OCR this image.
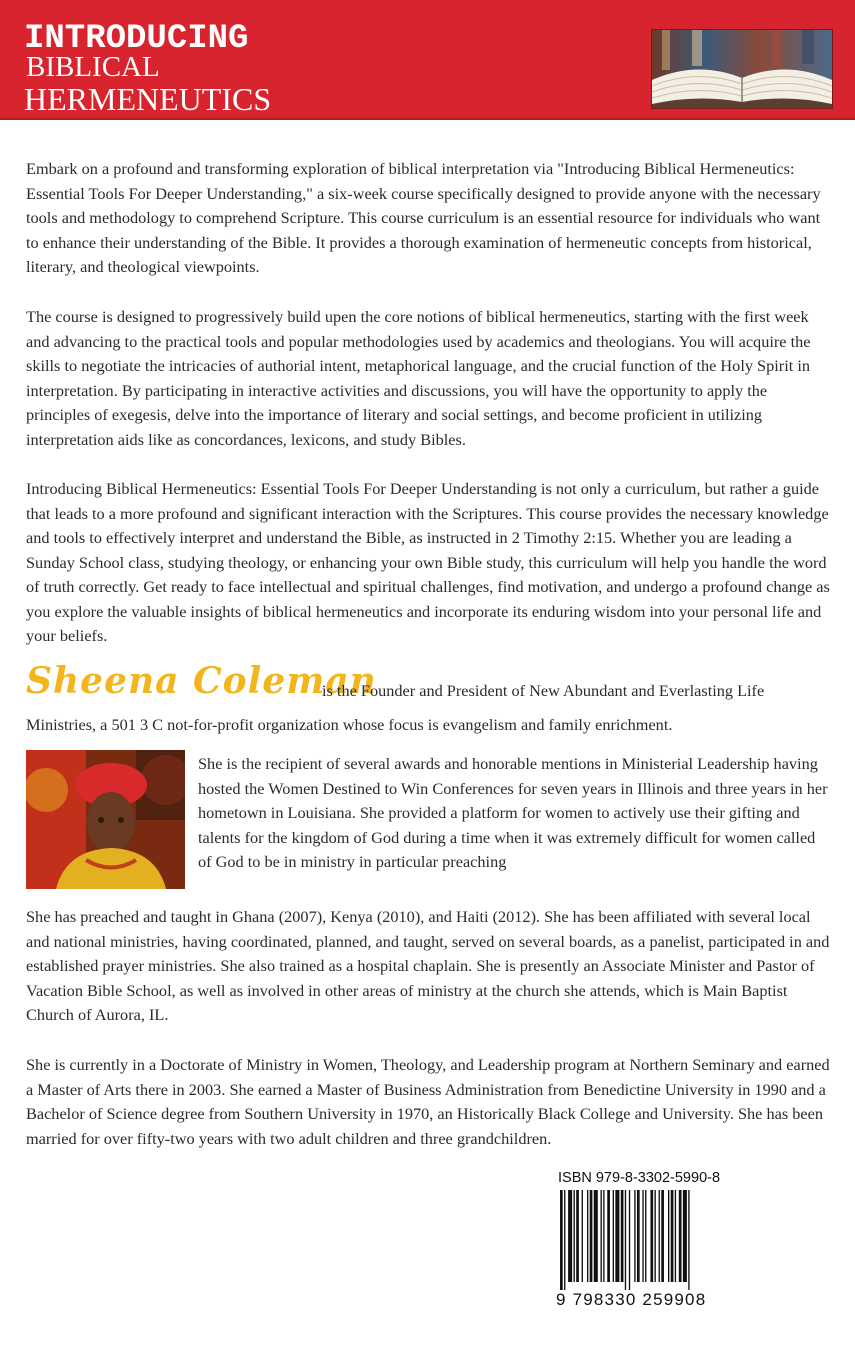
INTRODUCING
BIBLICAL
HERMENEUTICS

Embark on a profound and transforming exploration of biblical interpretation via "Introducing Biblical Hermeneutics: Essential Tools For Deeper Understanding," a six-week course specifically designed to provide anyone with the necessary tools and methodology to comprehend Scripture. This course curriculum is an essential resource for individuals who want to enhance their understanding of the Bible. It provides a thorough examination of hermeneutic concepts from historical, literary, and theological viewpoints.

The course is designed to progressively build upen the core notions of biblical hermeneutics, starting with the first week and advancing to the practical tools and popular methodologies used by academics and theologians. You will acquire the skills to negotiate the intricacies of authorial intent, metaphorical language, and the crucial function of the Holy Spirit in interpretation. By participating in interactive activities and discussions, you will have the opportunity to apply the principles of exegesis, delve into the importance of literary and social settings, and become proficient in utilizing interpretation aids like as concordances, lexicons, and study Bibles.

Introducing Biblical Hermeneutics: Essential Tools For Deeper Understanding is not only a curriculum, but rather a guide that leads to a more profound and significant interaction with the Scriptures. This course provides the necessary knowledge and tools to effectively interpret and understand the Bible, as instructed in 2 Timothy 2:15. Whether you are leading a Sunday School class, studying theology, or enhancing your own Bible study, this curriculum will help you handle the word of truth correctly. Get ready to face intellectual and spiritual challenges, find motivation, and undergo a profound change as you explore the valuable insights of biblical hermeneutics and incorporate its enduring wisdom into your personal life and your beliefs.

Sheena Coleman
is the Founder and President of New Abundant and Everlasting Life
Ministries, a 501 3 C not-for-profit organization whose focus is evangelism and family enrichment.

She is the recipient of several awards and honorable mentions in Ministerial Leadership having hosted the Women Destined to Win Conferences for seven years in Illinois and three years in her hometown in Louisiana. She provided a platform for women to actively use their gifting and talents for the kingdom of God during a time when it was extremely difficult for women called of God to be in ministry in particular preaching

She has preached and taught in Ghana (2007), Kenya (2010), and Haiti (2012). She has been affiliated with several local and national ministries, having coordinated, planned, and taught, served on several boards, as a panelist, participated in and established prayer ministries. She also trained as a hospital chaplain. She is presently an Associate Minister and Pastor of Vacation Bible School, as well as involved in other areas of ministry at the church she attends, which is Main Baptist Church of Aurora, IL.

She is currently in a Doctorate of Ministry in Women, Theology, and Leadership program at Northern Seminary and earned a Master of Arts there in 2003. She earned a Master of Business Administration from Benedictine University in 1990 and a Bachelor of Science degree from Southern University in 1970, an Historically Black College and University. She has been married for over fifty-two years with two adult children and three grandchildren.

ISBN 979-8-3302-5990-8
9 798330 259908
